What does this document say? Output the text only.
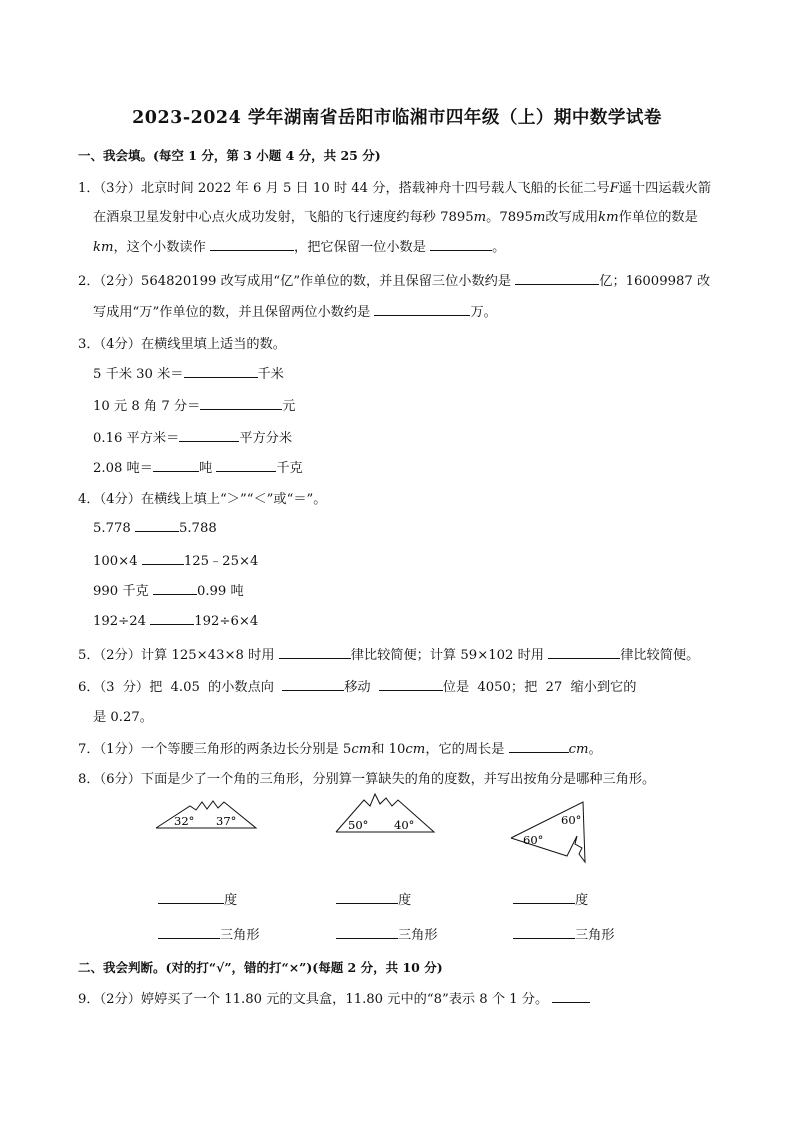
2023-2024 学年湖南省岳阳市临湘市四年级（上）期中数学试卷
一、我会填。(每空 1 分，第 3 小题 4 分，共 25 分)
1．（3分）北京时间 2022 年 6 月 5 日 10 时 44 分，搭载神舟十四号载人飞船的长征二号F遥十四运载火箭
在酒泉卫星发射中心点火成功发射，飞船的飞行速度约每秒 7895m。7895m改写成用km作单位的数是
km，这个小数读作	，把它保留一位小数是	。
2．（2分）564820199 改写成用“亿”作单位的数，并且保留三位小数约是	亿；16009987 改
写成用“万”作单位的数，并且保留两位小数约是	万。
3．（4分）在横线里填上适当的数。
5 千米 30 米＝	千米
10 元 8 角 7 分＝	元
0.16 平方米＝	平方分米
2.08 吨＝	吨	千克
4．（4分）在横线上填上“＞”“＜”或“＝”。
5.778	5.788
100×4	125﹣25×4
990 千克	0.99 吨
192÷24	192÷6×4
5．（2分）计算 125×43×8 时用	律比较简便；计算 59×102 时用	律比较简便。
6．（3 分）把 4.05 的小数点向	移动	位是 4050；把 27 缩小到它的
是 0.27。
7．（1分）一个等腰三角形的两条边长分别是 5cm和 10cm，它的周长是	cm。
8．（6分）下面是少了一个角的三角形，分别算一算缺失的角的度数，并写出按角分是哪种三角形。
32° 37°	50° 40°	60°
60°
度	度	度
三角形	三角形	三角形
二、我会判断。(对的打“√”，错的打“×”)(每题 2 分，共 10 分)
9．（2分）婷婷买了一个 11.80 元的文具盒，11.80 元中的“8”表示 8 个 1 分。
